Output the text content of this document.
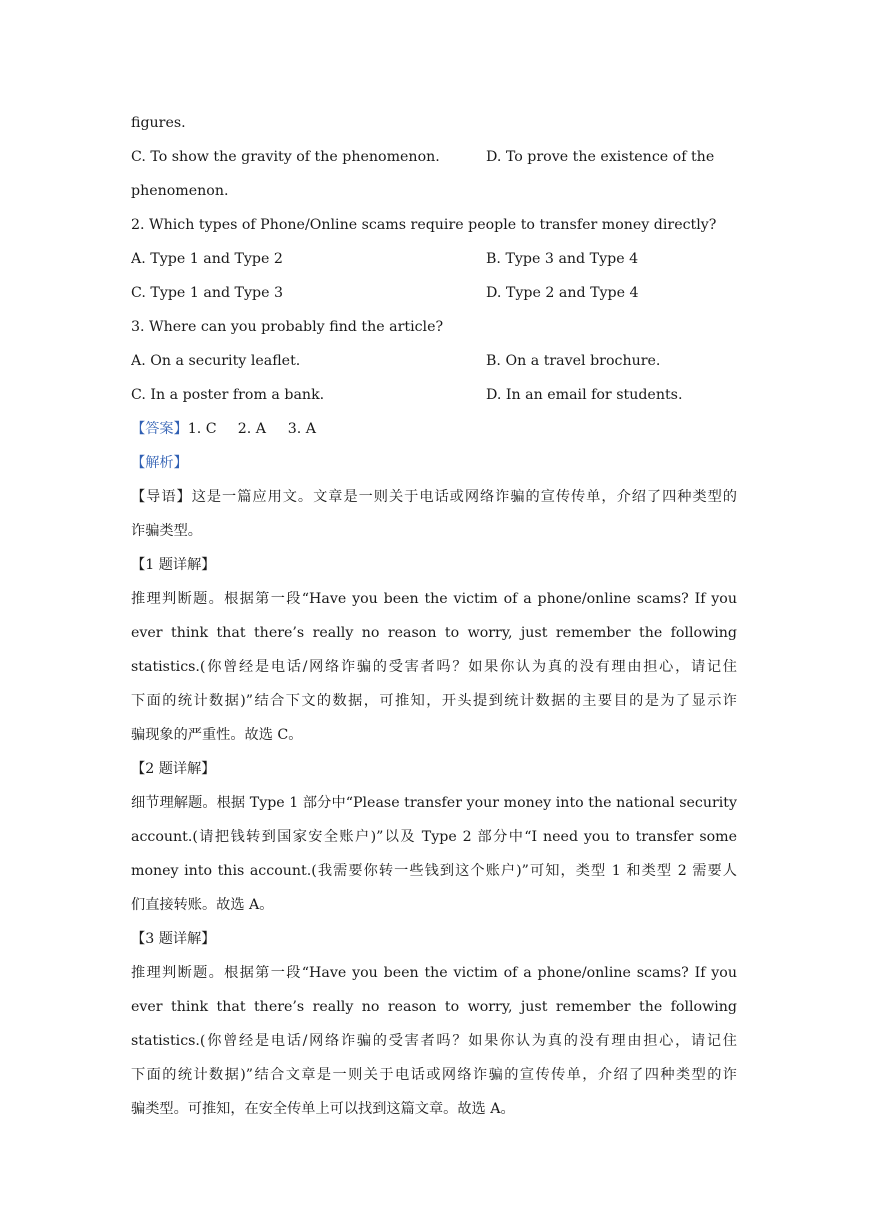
figures.
C. To show the gravity of the phenomenon.	D. To prove the existence of the
phenomenon.
2. Which types of Phone/Online scams require people to transfer money directly?
A. Type 1 and Type 2	B. Type 3 and Type 4
C. Type 1 and Type 3	D. Type 2 and Type 4
3. Where can you probably find the article?
A. On a security leaflet.	B. On a travel brochure.
C. In a poster from a bank.	D. In an email for students.
【答案】1. C 2. A 3. A
【解析】
【导语】这是一篇应用文。文章是一则关于电话或网络诈骗的宣传传单，介绍了四种类型的
诈骗类型。
【1 题详解】
推理判断题。根据第一段“Have you been the victim of a phone/online scams? If you
ever think that there’s really no reason to worry, just remember the following
statistics.(你曾经是电话/网络诈骗的受害者吗？如果你认为真的没有理由担心，请记住
下面的统计数据)”结合下文的数据，可推知，开头提到统计数据的主要目的是为了显示诈
骗现象的严重性。故选 C。
【2 题详解】
细节理解题。根据 Type 1 部分中“Please transfer your money into the national security
account.(请把钱转到国家安全账户)”以及 Type 2 部分中“I need you to transfer some
money into this account.(我需要你转一些钱到这个账户)”可知，类型 1 和类型 2 需要人
们直接转账。故选 A。
【3 题详解】
推理判断题。根据第一段“Have you been the victim of a phone/online scams? If you
ever think that there’s really no reason to worry, just remember the following
statistics.(你曾经是电话/网络诈骗的受害者吗？如果你认为真的没有理由担心，请记住
下面的统计数据)”结合文章是一则关于电话或网络诈骗的宣传传单，介绍了四种类型的诈
骗类型。可推知，在安全传单上可以找到这篇文章。故选 A。
